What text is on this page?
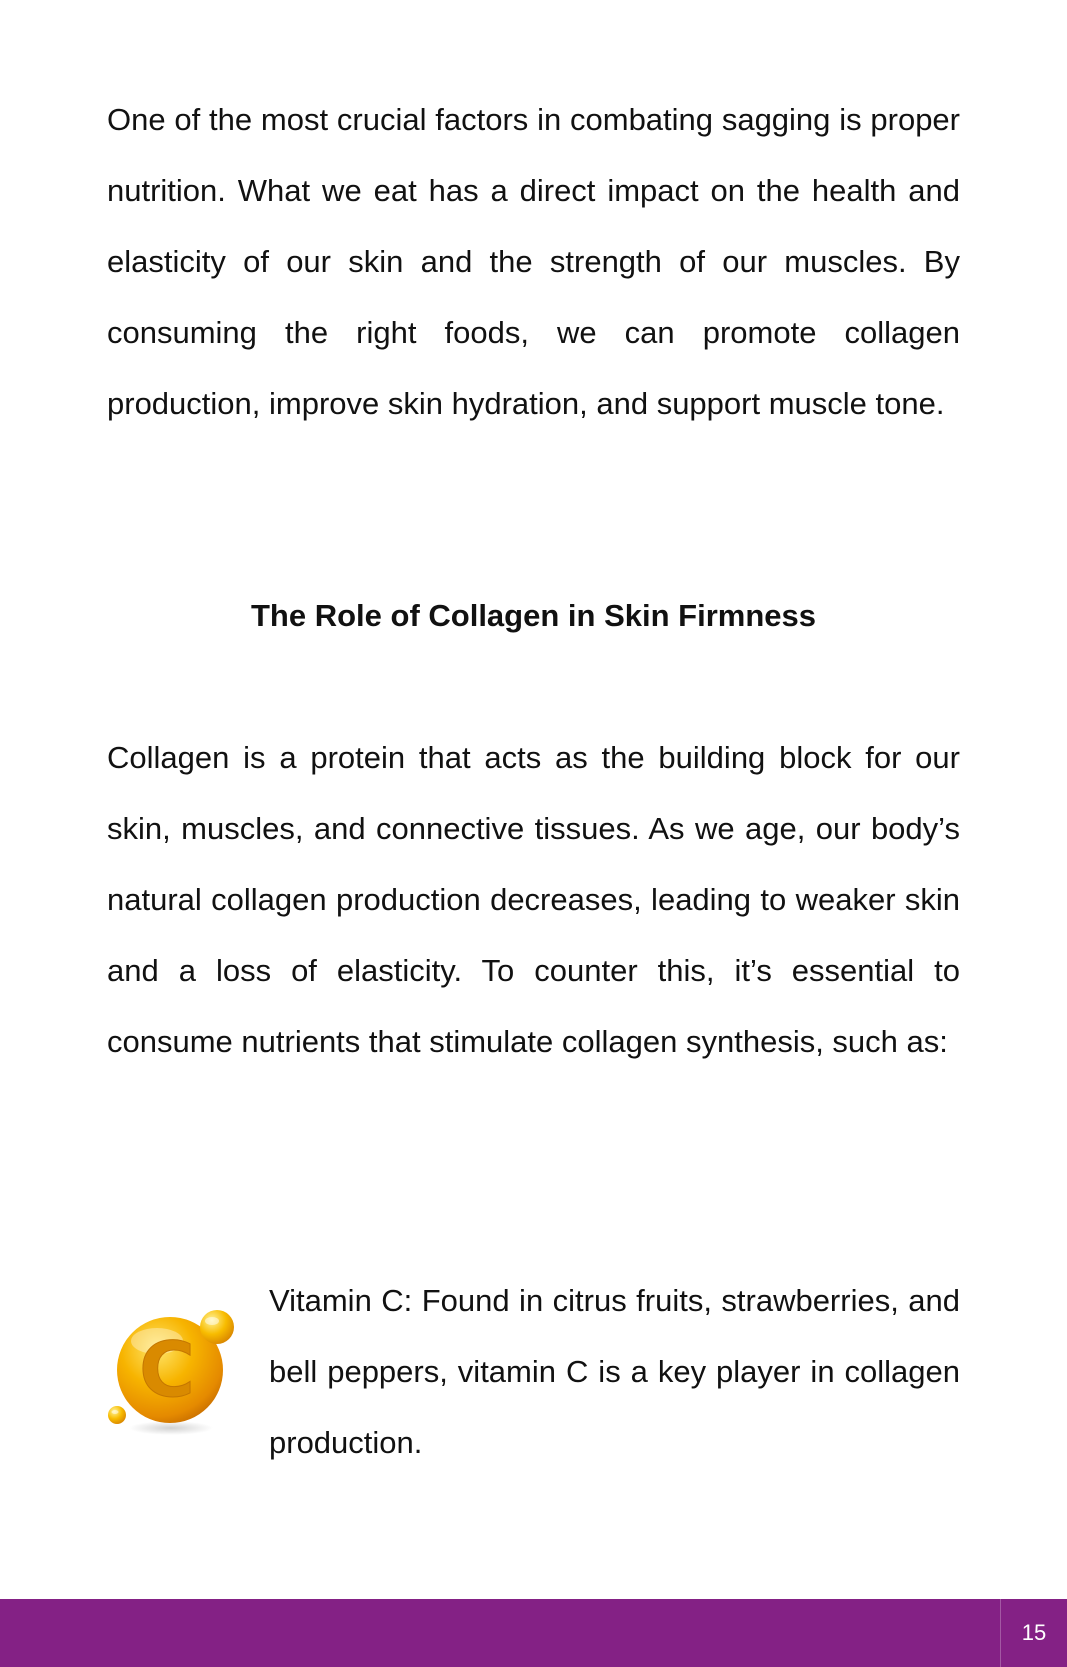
One of the most crucial factors in combating sagging is proper nutrition. What we eat has a direct impact on the health and elasticity of our skin and the strength of our muscles. By consuming the right foods, we can promote collagen production, improve skin hydration, and support muscle tone.

The Role of Collagen in Skin Firmness

Collagen is a protein that acts as the building block for our skin, muscles, and connective tissues. As we age, our body’s natural collagen production decreases, leading to weaker skin and a loss of elasticity. To counter this, it’s essential to consume nutrients that stimulate collagen synthesis, such as:

C

Vitamin C: Found in citrus fruits, strawberries, and bell peppers, vitamin C is a key player in collagen production.

15
